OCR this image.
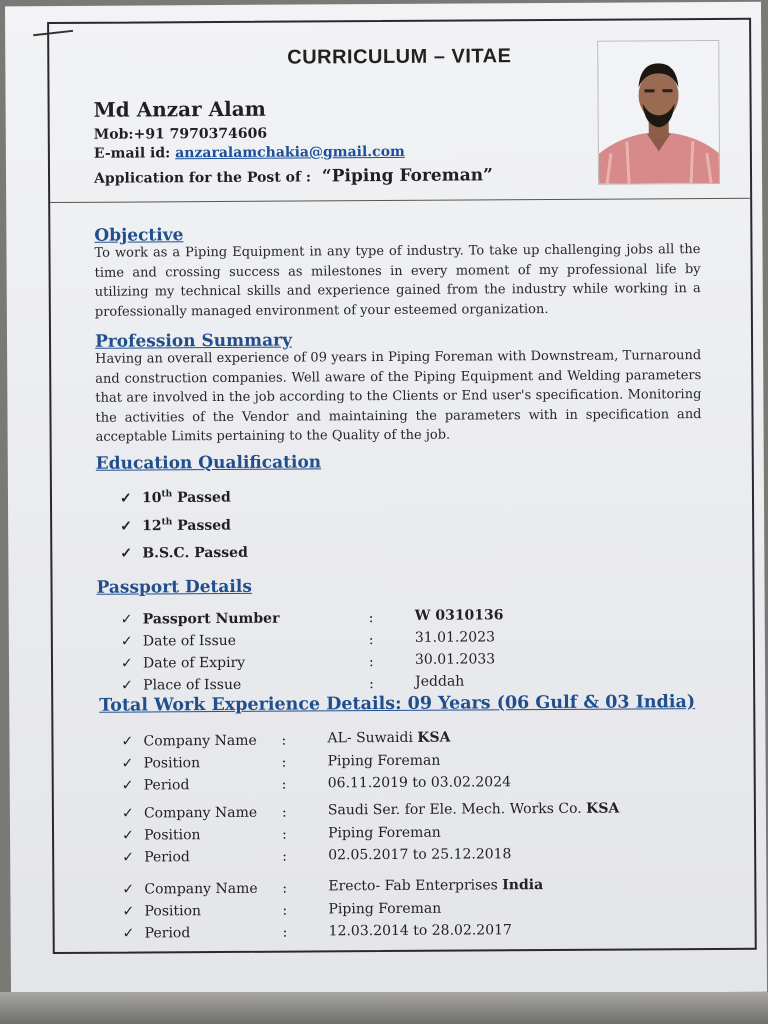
CURRICULUM – VITAE
Md Anzar Alam
Mob:+91 7970374606
E-mail id: anzaralamchakia@gmail.com
Application for the Post of : “Piping Foreman”
Objective
To work as a Piping Equipment in any type of industry. To take up challenging jobs all the time and crossing success as milestones in every moment of my professional life by utilizing my technical skills and experience gained from the industry while working in a professionally managed environment of your esteemed organization.
Profession Summary
Having an overall experience of 09 years in Piping Foreman with Downstream, Turnaround and construction companies. Well aware of the Piping Equipment and Welding parameters that are involved in the job according to the Clients or End user's specification. Monitoring the activities of the Vendor and maintaining the parameters with in specification and acceptable Limits pertaining to the Quality of the job.
Education Qualification
✓ 10th Passed
✓ 12th Passed
✓ B.S.C. Passed
Passport Details
✓ Passport Number	:	W 0310136
✓ Date of Issue	:	31.01.2023
✓ Date of Expiry	:	30.01.2033
✓ Place of Issue	:	Jeddah
Total Work Experience Details: 09 Years (06 Gulf & 03 India)
✓ Company Name :	AL- Suwaidi KSA
✓ Position	:	Piping Foreman
✓ Period	:	06.11.2019 to 03.02.2024
✓ Company Name :	Saudi Ser. for Ele. Mech. Works Co. KSA
✓ Position	:	Piping Foreman
✓ Period	:	02.05.2017 to 25.12.2018
✓ Company Name :	Erecto- Fab Enterprises India
✓ Position	:	Piping Foreman
✓ Period	:	12.03.2014 to 28.02.2017
